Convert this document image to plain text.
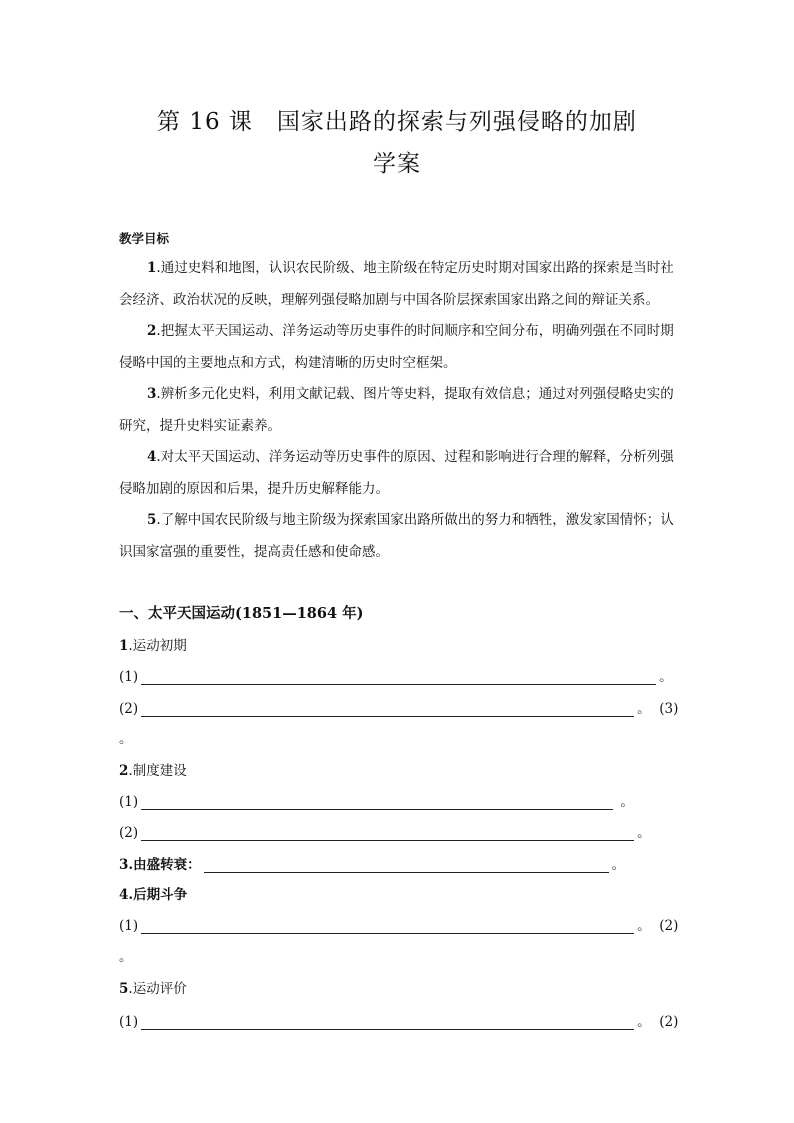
第 16 课　国家出路的探索与列强侵略的加剧
学案
教学目标

1.通过史料和地图，认识农民阶级、地主阶级在特定历史时期对国家出路的探索是当时社会经济、政治状况的反映，理解列强侵略加剧与中国各阶层探索国家出路之间的辩证关系。

2.把握太平天国运动、洋务运动等历史事件的时间顺序和空间分布，明确列强在不同时期侵略中国的主要地点和方式，构建清晰的历史时空框架。

3.辨析多元化史料，利用文献记载、图片等史料，提取有效信息；通过对列强侵略史实的研究，提升史料实证素养。

4.对太平天国运动、洋务运动等历史事件的原因、过程和影响进行合理的解释，分析列强侵略加剧的原因和后果，提升历史解释能力。

5.了解中国农民阶级与地主阶级为探索国家出路所做出的努力和牺牲，激发家国情怀；认识国家富强的重要性，提高责任感和使命感。

一、太平天国运动(1851—1864 年)
1.运动初期
(1)	。
(2)	。 (3)
。
2.制度建设
(1)	。
(2)	。
3.由盛转衰：	。
4.后期斗争
(1)	。 (2)
。
5.运动评价
(1)	。 (2)
